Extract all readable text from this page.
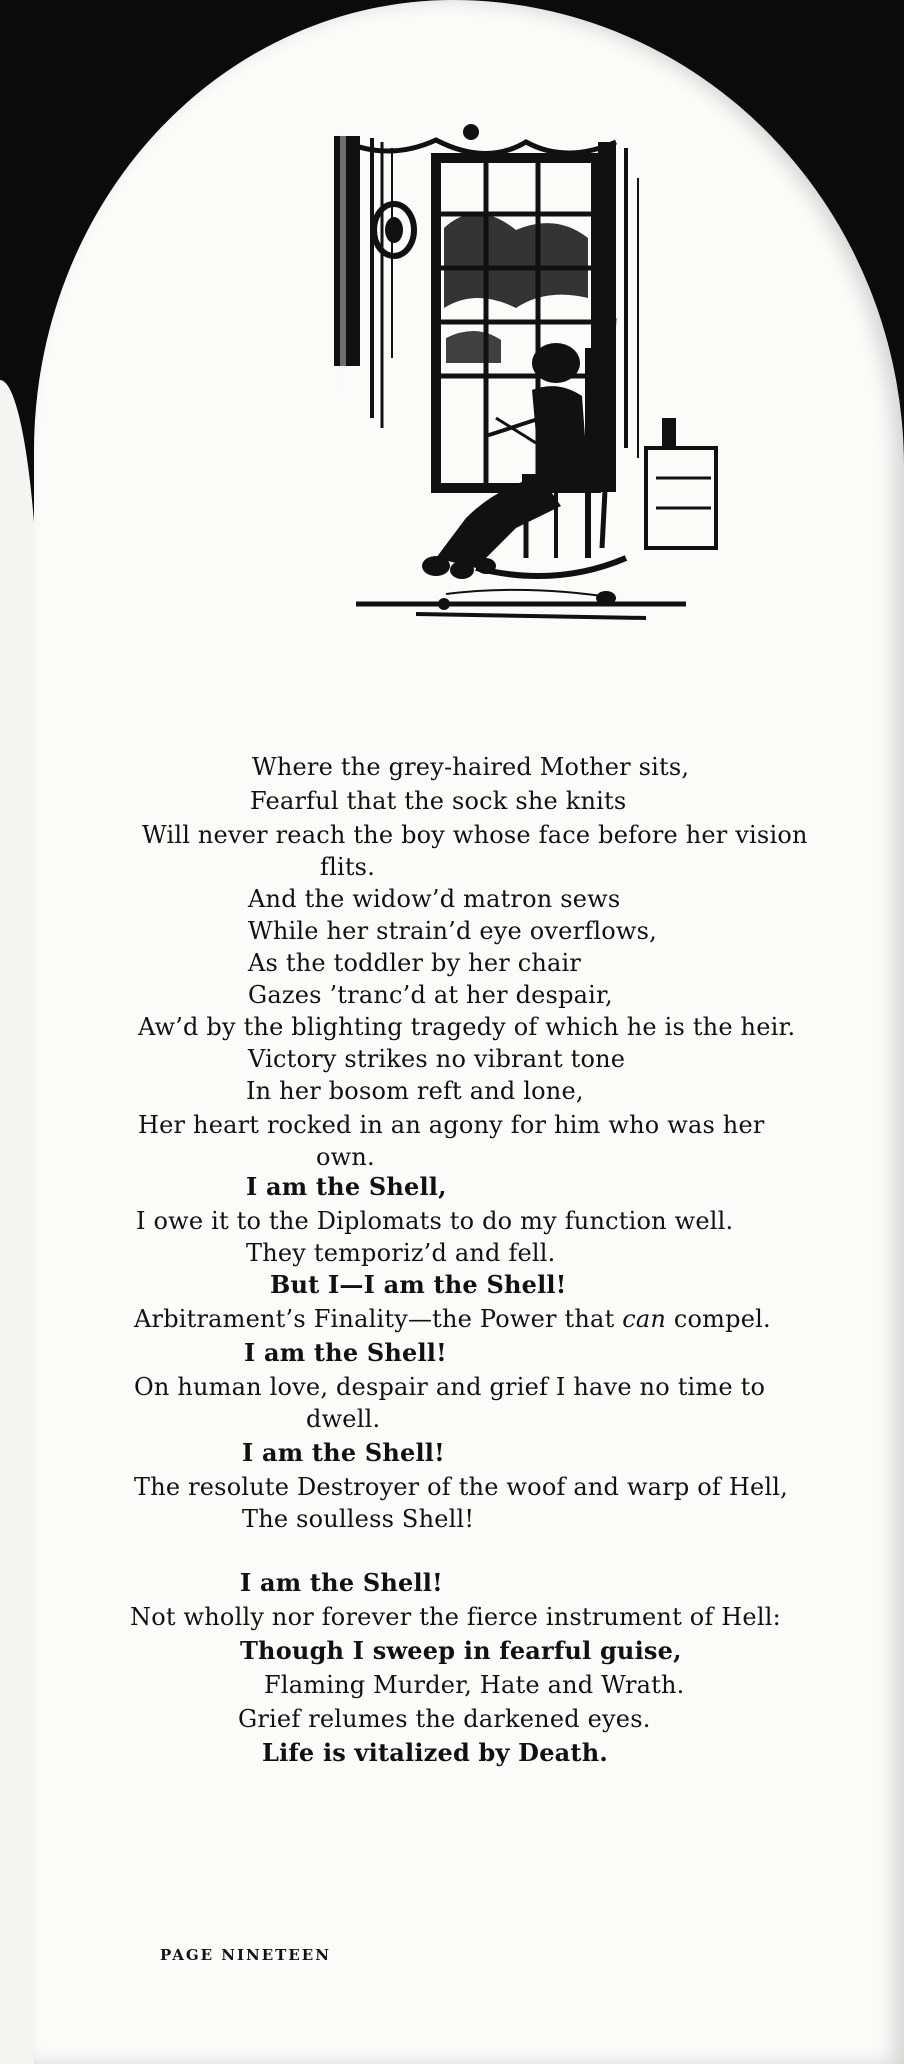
Where the grey-haired Mother sits,
Fearful that the sock she knits
Will never reach the boy whose face before her vision
flits.
And the widow’d matron sews
While her strain’d eye overflows,
As the toddler by her chair
Gazes ’tranc’d at her despair,
Aw’d by the blighting tragedy of which he is the heir.
Victory strikes no vibrant tone
In her bosom reft and lone,
Her heart rocked in an agony for him who was her
own.
I am the Shell,
I owe it to the Diplomats to do my function well.
They temporiz’d and fell.
But I—I am the Shell!
Arbitrament’s Finality—the Power that can compel.
I am the Shell!
On human love, despair and grief I have no time to
dwell.
I am the Shell!
The resolute Destroyer of the woof and warp of Hell,
The soulless Shell!
I am the Shell!
Not wholly nor forever the fierce instrument of Hell:
Though I sweep in fearful guise,
Flaming Murder, Hate and Wrath.
Grief relumes the darkened eyes.
Life is vitalized by Death.
PAGE NINETEEN
